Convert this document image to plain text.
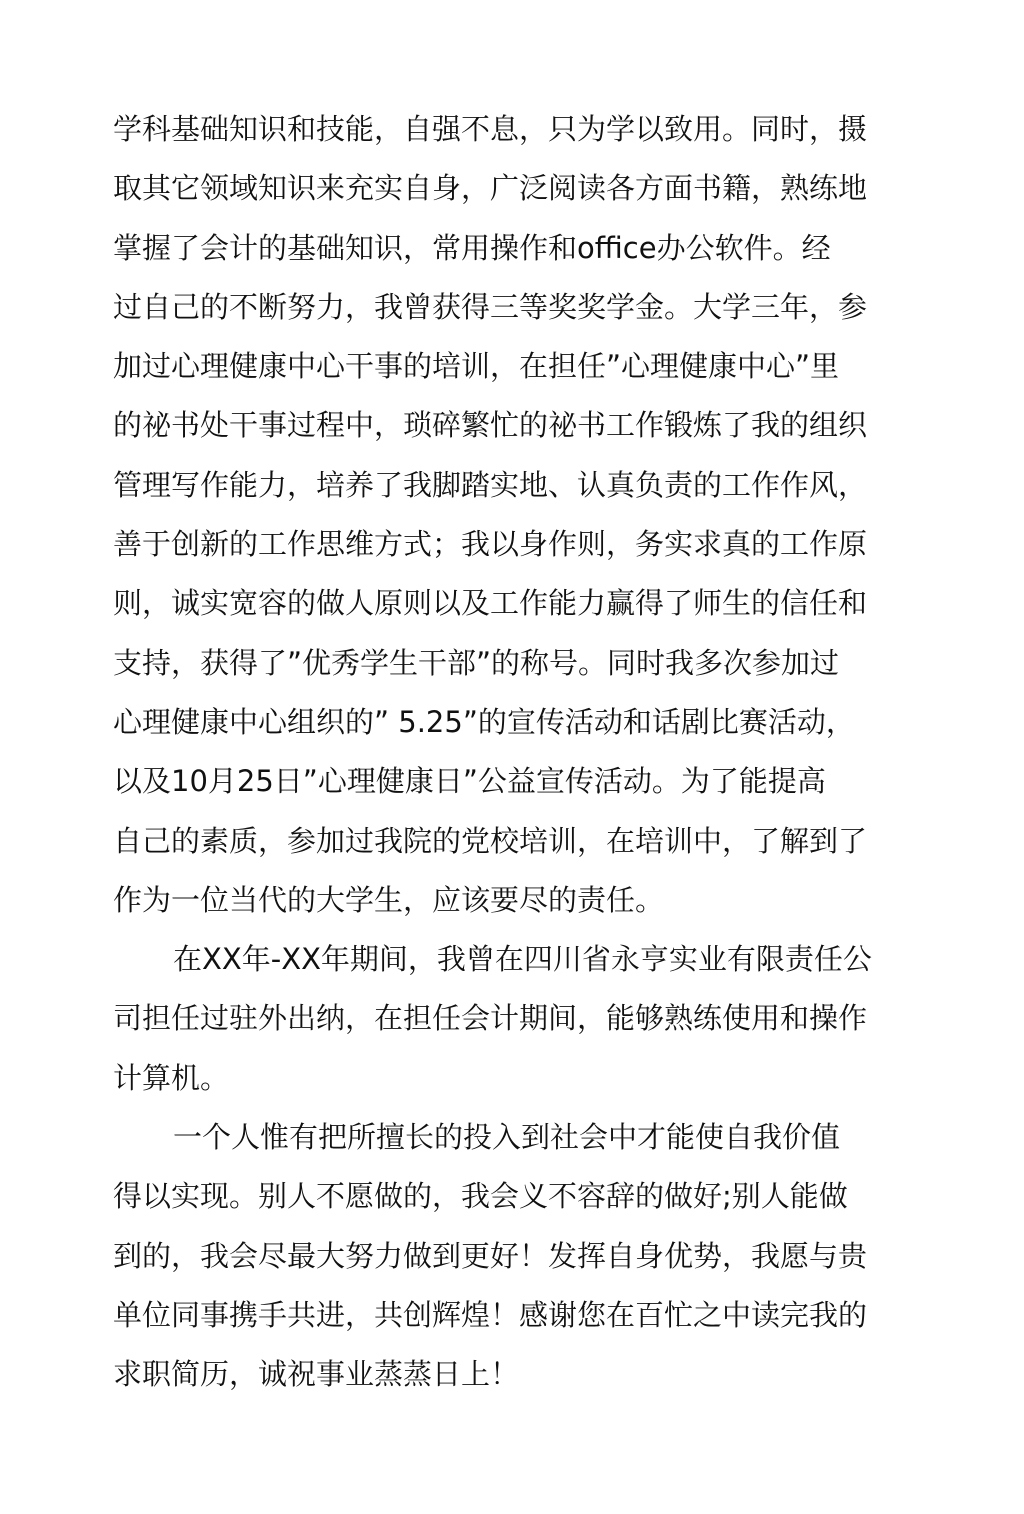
学科基础知识和技能，自强不息，只为学以致用。同时，摄
取其它领域知识来充实自身，广泛阅读各方面书籍，熟练地
掌握了会计的基础知识，常用操作和office办公软件。经
过自己的不断努力，我曾获得三等奖奖学金。大学三年，参
加过心理健康中心干事的培训，在担任”心理健康中心”里
的祕书处干事过程中，琐碎繁忙的祕书工作锻炼了我的组织
管理写作能力，培养了我脚踏实地、认真负责的工作作风，
善于创新的工作思维方式；我以身作则，务实求真的工作原
则，诚实宽容的做人原则以及工作能力赢得了师生的信任和
支持，获得了”优秀学生干部”的称号。同时我多次参加过
心理健康中心组织的” 5.25”的宣传活动和话剧比赛活动，
以及10月25日”心理健康日”公益宣传活动。为了能提高
自己的素质，参加过我院的党校培训，在培训中，了解到了
作为一位当代的大学生，应该要尽的责任。
在XX年-XX年期间，我曾在四川省永亨实业有限责任公
司担任过驻外出纳，在担任会计期间，能够熟练使用和操作
计算机。
一个人惟有把所擅长的投入到社会中才能使自我价值
得以实现。别人不愿做的，我会义不容辞的做好;别人能做
到的，我会尽最大努力做到更好！发挥自身优势，我愿与贵
单位同事携手共进，共创辉煌！感谢您在百忙之中读完我的
求职简历，诚祝事业蒸蒸日上！
